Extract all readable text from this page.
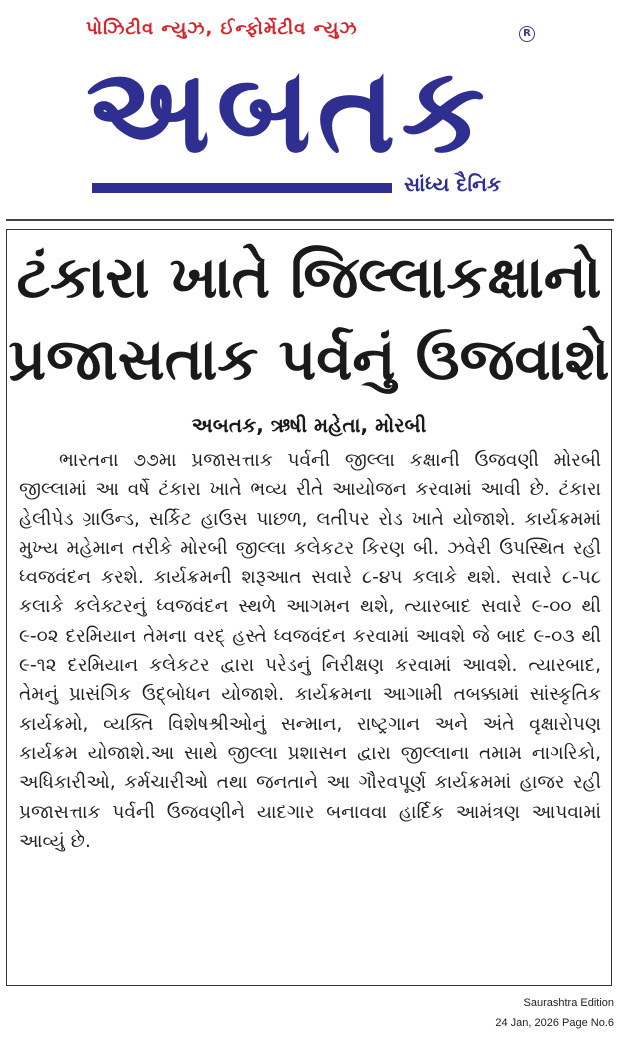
પોઝિટીવ ન્યુઝ, ઈન્ફોર્મેટીવ ન્યુઝ	R
અબતક
સાંધ્ય દૈનિક
ટંકારા ખાતે જિલ્લાકક્ષાનો પ્રજાસતાક પર્વનું ઉજવાશે
અબતક, ઋષી મહેતા, મોરબી

ભારતના ૭૭મા પ્રજાસત્તાક પર્વની જીલ્લા કક્ષાની ઉજવણી મોરબી જીલ્લામાં આ વર્ષે ટંકારા ખાતે ભવ્ય રીતે આયોજન કરવામાં આવી છે. ટંકારા હેલીપેડ ગ્રાઉન્ડ, સર્કિટ હાઉસ પાછળ, લતીપર રોડ ખાતે યોજાશે. કાર્યક્રમમાં મુખ્ય મહેમાન તરીકે મોરબી જીલ્લા કલેકટર કિરણ બી. ઝવેરી ઉપસ્થિત રહી ધ્વજવંદન કરશે. કાર્યક્રમની શરૂઆત સવારે ૮-૪૫ કલાકે થશે. સવારે ૮-૫૮ કલાકે કલેક્ટરનું ધ્વજવંદન સ્થળે આગમન થશે, ત્યારબાદ સવારે ૯-૦૦ થી ૯-૦૨ દરમિયાન તેમના વરદ્ હસ્તે ધ્વજવંદન કરવામાં આવશે જે બાદ ૯-૦૩ થી ૯-૧૨ દરમિયાન કલેકટર દ્વારા પરેડનું નિરીક્ષણ કરવામાં આવશે. ત્યારબાદ, તેમનું પ્રાસંગિક ઉદ્બોધન યોજાશે. કાર્યક્રમના આગામી તબક્કામાં સાંસ્કૃતિક કાર્યક્રમો, વ્યક્તિ વિશેષશ્રીઓનું સન્માન, રાષ્ટ્રગાન અને અંતે વૃક્ષારોપણ કાર્યક્રમ યોજાશે.આ સાથે જીલ્લા પ્રશાસન દ્વારા જીલ્લાના તમામ નાગરિકો, અધિકારીઓ, કર્મચારીઓ તથા જનતાને આ ગૌરવપૂર્ણ કાર્યક્રમમાં હાજર રહી પ્રજાસત્તાક પર્વની ઉજવણીને યાદગાર બનાવવા હાર્દિક આમંત્રણ આપવામાં આવ્યું છે.

Saurashtra Edition
24 Jan, 2026 Page No.6
